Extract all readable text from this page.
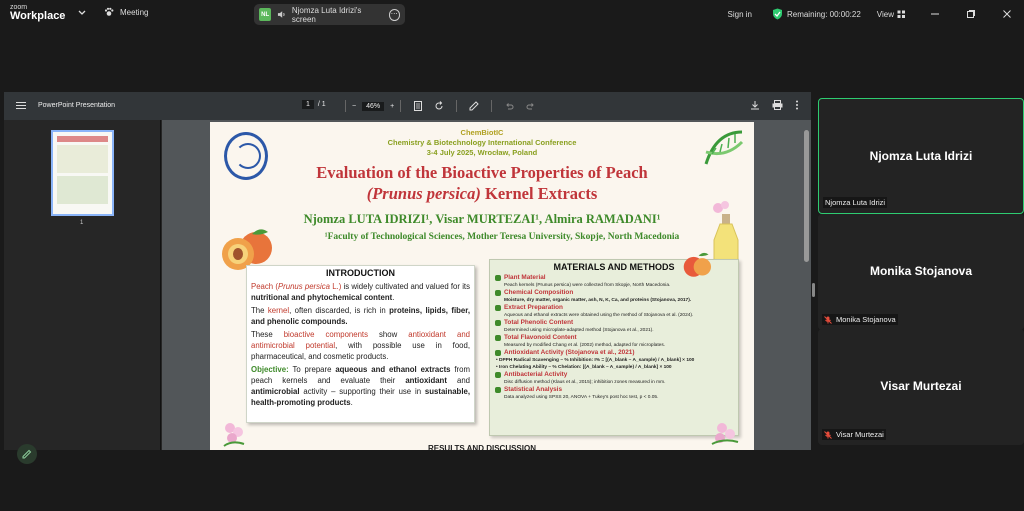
zoom
Workplace	Meeting	NL	Njomza Luta Idrizi's screen	⋯	Sign in	Remaining: 00:00:22 View
PowerPoint Presentation	1	/ 1	−	46%	+
1
ChemBiotIC
Chemistry & Biotechnology International Conference
3-4 July 2025, Wrocław, Poland
Evaluation of the Bioactive Properties of Peach
(Prunus persica) Kernel Extracts
Njomza LUTA IDRIZI¹, Visar MURTEZAI¹, Almira RAMADANI¹
¹Faculty of Technological Sciences, Mother Teresa University, Skopje, North Macedonia
INTRODUCTION

Peach (Prunus persica L.) is widely cultivated and valued for its nutritional and phytochemical content.

The kernel, often discarded, is rich in proteins, lipids, fiber, and phenolic compounds.

These bioactive components show antioxidant and antimicrobial potential, with possible use in food, pharmaceutical, and cosmetic products.

Objective: To prepare aqueous and ethanol extracts from peach kernels and evaluate their antioxidant and antimicrobial activity – supporting their use in sustainable, health-promoting products.

MATERIALS AND METHODS
Plant Material
Peach kernels (Prunus persica) were collected from Skopje, North Macedonia.
Chemical Composition
Moisture, dry matter, organic matter, ash, N, K, Ca, and proteins (Stojanova, 2017).
Extract Preparation
Aqueous and ethanol extracts were obtained using the method of Stojanova et al. (2024).
Total Phenolic Content
Determined using microplate-adapted method (Stojanova et al., 2021).
Total Flavonoid Content
Measured by modified Chang et al. (2002) method, adapted for microplates.
Antioxidant Activity (Stojanova et al., 2021)
• DPPH Radical Scavenging – % Inhibition: I% = [(A_blank – A_sample) / A_blank] × 100
• Iron Chelating Ability – % Chelation: [(A_blank – A_sample) / A_blank] × 100
Antibacterial Activity
Disc diffusion method (Klaus et al., 2015); inhibition zones measured in mm.
Statistical Analysis
Data analyzed using SPSS 20, ANOVA + Tukey's post hoc test, p < 0.05.
RESULTS AND DISCUSSION
Njomza Luta Idrizi
Njomza Luta Idrizi
Monika Stojanova
Monika Stojanova
Visar Murtezai
Visar Murtezai
